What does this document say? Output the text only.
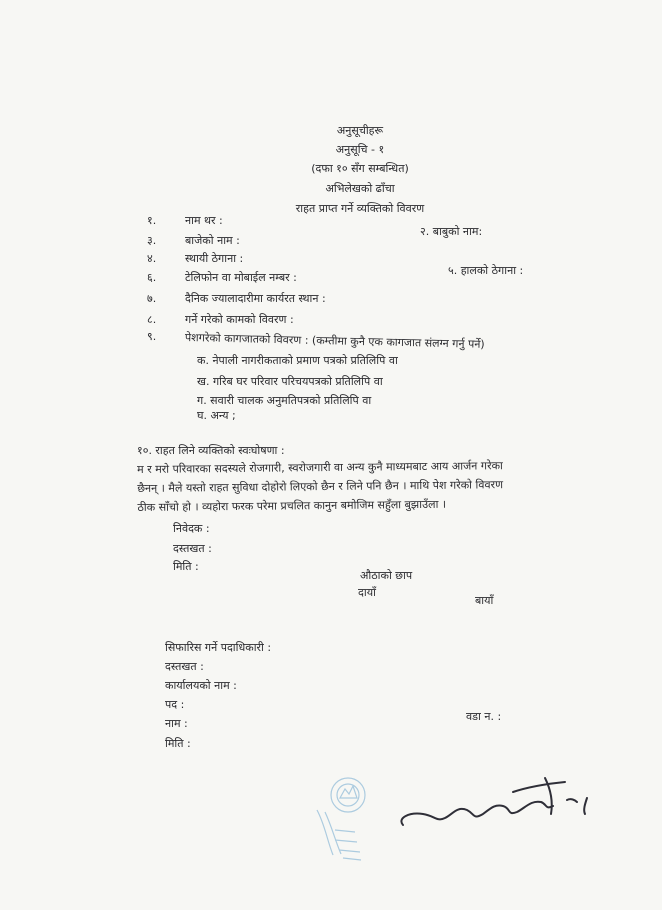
अनुसूचीहरू
अनुसूचि - १
(दफा १० सँग सम्बन्धित)
अभिलेखको ढाँचा
राहत प्राप्त गर्ने व्यक्तिको विवरण
१.	नाम थर :
२. बाबुको नाम:
३.	बाजेको नाम :
४.	स्थायी ठेगाना :
५. हालको ठेगाना :
६.	टेलिफोन वा मोबाईल नम्बर :
७.	दैनिक ज्यालादारीमा कार्यरत स्थान :
८.	गर्ने गरेको कामको विवरण :
९.	पेशगरेको कागजातको विवरण : (कम्तीमा कुनै एक कागजात संलग्न गर्नु पर्ने)
क. नेपाली नागरीकताको प्रमाण पत्रको प्रतिलिपि वा
ख. गरिब घर परिवार परिचयपत्रको प्रतिलिपि वा
ग. सवारी चालक अनुमतिपत्रको प्रतिलिपि वा
घ. अन्य ;
१०. राहत लिने व्यक्तिको स्वःघोषणा :
म र मरो परिवारका सदस्यले रोजगारी, स्वरोजगारी वा अन्य कुनै माध्यमबाट आय आर्जन गरेका
छैनन् । मैले यस्तो राहत सुविधा दोहोरो लिएको छैन र लिने पनि छैन । माथि पेश गरेको विवरण
ठीक साँचो हो । व्यहोरा फरक परेमा प्रचलित कानुन बमोजिम सहुँला बुझाउँला ।
निवेदक :
दस्तखत :
मिति :
औठाको छाप
दायाँ
बायाँ
सिफारिस गर्ने पदाधिकारी :
दस्तखत :
कार्यालयको नाम :
पद :
नाम :
वडा न. :
मिति :
